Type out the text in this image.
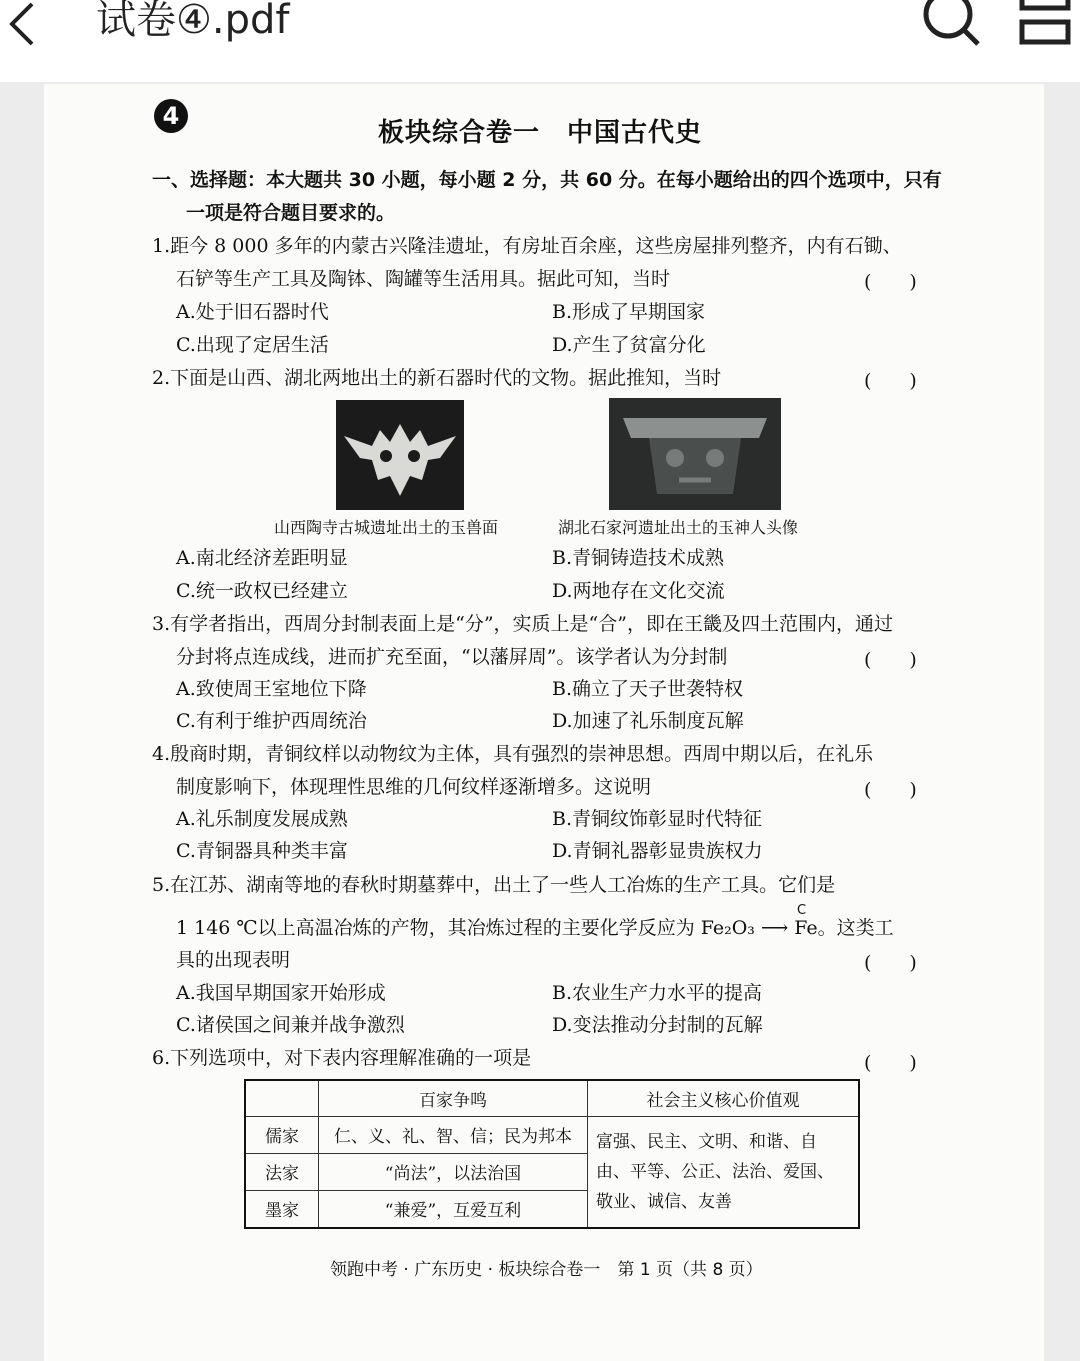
试卷④.pdf
4
板块综合卷一　中国古代史
一、选择题：本大题共 30 小题，每小题 2 分，共 60 分。在每小题给出的四个选项中，只有
一项是符合题目要求的。
1.距今 8 000 多年的内蒙古兴隆洼遗址，有房址百余座，这些房屋排列整齐，内有石锄、
石铲等生产工具及陶钵、陶罐等生活用具。据此可知，当时	(　　)
A.处于旧石器时代	B.形成了早期国家
C.出现了定居生活	D.产生了贫富分化
2.下面是山西、湖北两地出土的新石器时代的文物。据此推知，当时	(　　)
山西陶寺古城遗址出土的玉兽面	湖北石家河遗址出土的玉神人头像
A.南北经济差距明显	B.青铜铸造技术成熟
C.统一政权已经建立	D.两地存在文化交流
3.有学者指出，西周分封制表面上是“分”，实质上是“合”，即在王畿及四土范围内，通过
分封将点连成线，进而扩充至面，“以藩屏周”。该学者认为分封制	(　　)
A.致使周王室地位下降	B.确立了天子世袭特权
C.有利于维护西周统治	D.加速了礼乐制度瓦解
4.殷商时期，青铜纹样以动物纹为主体，具有强烈的崇神思想。西周中期以后，在礼乐
制度影响下，体现理性思维的几何纹样逐渐增多。这说明	(　　)
A.礼乐制度发展成熟	B.青铜纹饰彰显时代特征
C.青铜器具种类丰富	D.青铜礼器彰显贵族权力
5.在江苏、湖南等地的春秋时期墓葬中，出土了一些人工冶炼的生产工具。它们是
C
1 146 ℃以上高温冶炼的产物，其冶炼过程的主要化学反应为 Fe₂O₃ ⟶ Fe。这类工
具的出现表明	(　　)
A.我国早期国家开始形成	B.农业生产力水平的提高
C.诸侯国之间兼并战争激烈	D.变法推动分封制的瓦解
6.下列选项中，对下表内容理解准确的一项是	(　　)
	百家争鸣	社会主义核心价值观
儒家	仁、义、礼、智、信；民为邦本	富强、民主、文明、和谐、自由、平等、公正、法治、爱国、敬业、诚信、友善
法家	“尚法”，以法治国	
墨家	“兼爱”，互爱互利	
领跑中考 · 广东历史 · 板块综合卷一　第 1 页（共 8 页）
